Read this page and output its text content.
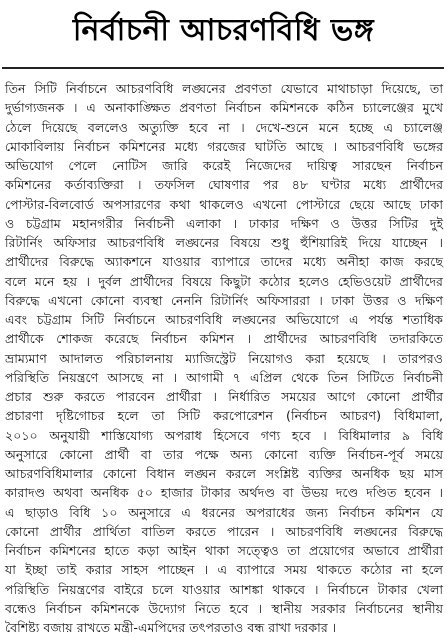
নির্বাচনী আচরণবিধি ভঙ্গ
তিন সিটি নির্বাচনে আচরণবিধি লঙ্ঘনের প্রবণতা যেভাবে মাথাচাড়া দিয়েছে, তা
দুর্ভাগ্যজনক । এ অনাকাঙ্ক্ষিত প্রবণতা নির্বাচন কমিশনকে কঠিন চ্যালেঞ্জের মুখে
ঠেলে দিয়েছে বললেও অত্যুক্তি হবে না । দেখে-শুনে মনে হচ্ছে এ চ্যালেঞ্জ
মোকাবিলায় নির্বাচন কমিশনের মধ্যে গরজের ঘাটতি আছে । আচরণবিধি ভঙ্গের
অভিযোগ পেলে নোটিস জারি করেই নিজেদের দায়িত্ব সারছেন নির্বাচন
কমিশনের কর্তাব্যক্তিরা । তফসিল ঘোষণার পর ৪৮ ঘণ্টার মধ্যে প্রার্থীদের
পোস্টার-বিলবোর্ড অপসারণের কথা থাকলেও এখনো পোস্টারে ছেয়ে আছে ঢাকা
ও চট্টগ্রাম মহানগরীর নির্বাচনী এলাকা । ঢাকার দক্ষিণ ও উত্তর সিটির দুই
রিটার্নিং অফিসার আচরণবিধি লঙ্ঘনের বিষয়ে শুধু হুঁশিয়ারিই দিয়ে যাচ্ছেন ।
প্রার্থীদের বিরুদ্ধে অ্যাকশনে যাওয়ার ব্যাপারে তাদের মধ্যে অনীহা কাজ করছে
বলে মনে হয় । দুর্বল প্রার্থীদের বিষয়ে কিছুটা কঠোর হলেও হেভিওয়েট প্রার্থীদের
বিরুদ্ধে এখনো কোনো ব্যবস্থা নেননি রিটার্নিং অফিসাররা । ঢাকা উত্তর ও দক্ষিণ
এবং চট্টগ্রাম সিটি নির্বাচনে আচরণবিধি লঙ্ঘনের অভিযোগে এ পর্যন্ত শতাধিক
প্রার্থীকে শোকজ করেছে নির্বাচন কমিশন । প্রার্থীদের আচরণবিধি তদারকিতে
ভ্রাম্যমাণ আদালত পরিচালনায় ম্যাজিস্ট্রেট নিয়োগও করা হয়েছে । তারপরও
পরিস্থিতি নিয়ন্ত্রণে আসছে না । আগামী ৭ এপ্রিল থেকে তিন সিটিতে নির্বাচনী
প্রচার শুরু করতে পারবেন প্রার্থীরা । নির্ধারিত সময়ের আগে কোনো প্রার্থীর
প্রচারণা দৃষ্টিগোচর হলে তা সিটি করপোরেশন (নির্বাচন আচরণ) বিধিমালা,
২০১০ অনুযায়ী শাস্তিযোগ্য অপরাধ হিসেবে গণ্য হবে । বিধিমালার ৯ বিধি
অনুসারে কোনো প্রার্থী বা তার পক্ষে অন্য কোনো ব্যক্তি নির্বাচন-পূর্ব সময়ে
আচরণবিধিমালার কোনো বিধান লঙ্ঘন করলে সংশ্লিষ্ট ব্যক্তির অনধিক ছয় মাস
কারাদণ্ড অথবা অনধিক ৫০ হাজার টাকার অর্থদণ্ড বা উভয় দণ্ডে দণ্ডিত হবেন ।
এ ছাড়াও বিধি ১০ অনুসারে এ ধরনের অপরাধের জন্য নির্বাচন কমিশন যে
কোনো প্রার্থীর প্রার্থিতা বাতিল করতে পারেন । আচরণবিধি লঙ্ঘনের বিরুদ্ধে
নির্বাচন কমিশনের হাতে কড়া আইন থাকা সত্ত্বেও তা প্রয়োগের অভাবে প্রার্থীরা
যা ইচ্ছা তাই করার সাহস পাচ্ছেন । এ ব্যাপারে সময় থাকতে কঠোর না হলে
পরিস্থিতি নিয়ন্ত্রণের বাইরে চলে যাওয়ার আশঙ্কা থাকবে । নির্বাচনে টাকার খেলা
বন্ধেও নির্বাচন কমিশনকে উদ্যোগ নিতে হবে । স্থানীয় সরকার নির্বাচনের স্থানীয়
বৈশিষ্ট্য বজায় রাখতে মন্ত্রী-এমপিদের তৎপরতাও বন্ধ রাখা দরকার ।
